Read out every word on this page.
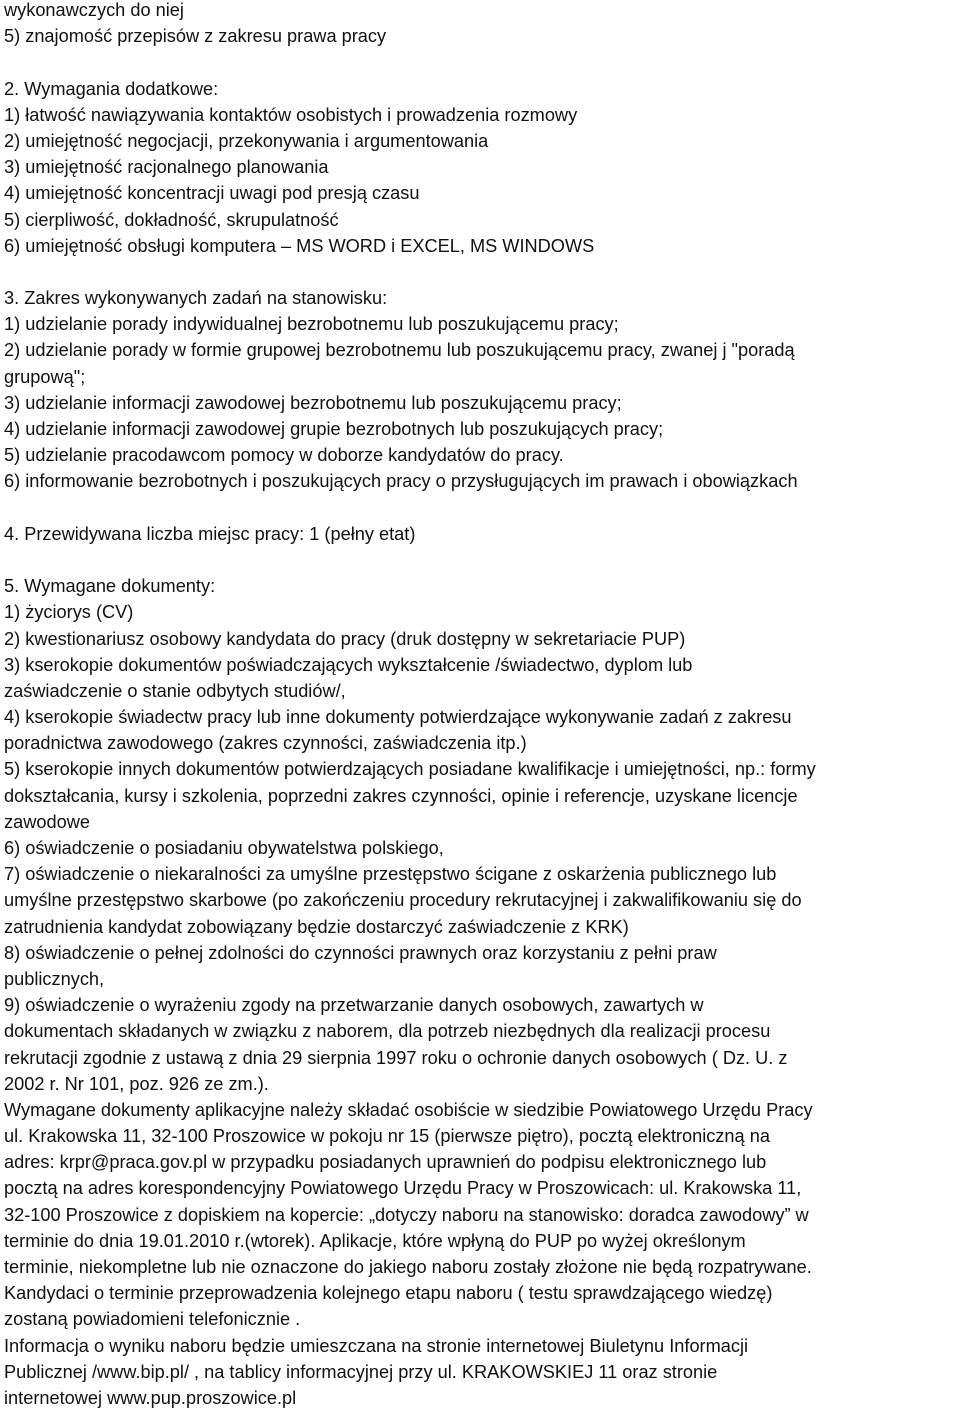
wykonawczych do niej
5) znajomość przepisów z zakresu prawa pracy
2. Wymagania dodatkowe:
1) łatwość nawiązywania kontaktów osobistych i prowadzenia rozmowy
2) umiejętność negocjacji, przekonywania i argumentowania
3) umiejętność racjonalnego planowania
4) umiejętność koncentracji uwagi pod presją czasu
5) cierpliwość, dokładność, skrupulatność
6) umiejętność obsługi komputera – MS WORD i EXCEL, MS WINDOWS
3. Zakres wykonywanych zadań na stanowisku:
1) udzielanie porady indywidualnej bezrobotnemu lub poszukującemu pracy;
2) udzielanie porady w formie grupowej bezrobotnemu lub poszukującemu pracy, zwanej j "poradą
grupową";
3) udzielanie informacji zawodowej bezrobotnemu lub poszukującemu pracy;
4) udzielanie informacji zawodowej grupie bezrobotnych lub poszukujących pracy;
5) udzielanie pracodawcom pomocy w doborze kandydatów do pracy.
6) informowanie bezrobotnych i poszukujących pracy o przysługujących im prawach i obowiązkach
4. Przewidywana liczba miejsc pracy: 1 (pełny etat)
5. Wymagane dokumenty:
1) życiorys (CV)
2) kwestionariusz osobowy kandydata do pracy (druk dostępny w sekretariacie PUP)
3) kserokopie dokumentów poświadczających wykształcenie /świadectwo, dyplom lub
zaświadczenie o stanie odbytych studiów/,
4) kserokopie świadectw pracy lub inne dokumenty potwierdzające wykonywanie zadań z zakresu
poradnictwa zawodowego (zakres czynności, zaświadczenia itp.)
5) kserokopie innych dokumentów potwierdzających posiadane kwalifikacje i umiejętności, np.: formy
dokształcania, kursy i szkolenia, poprzedni zakres czynności, opinie i referencje, uzyskane licencje
zawodowe
6) oświadczenie o posiadaniu obywatelstwa polskiego,
7) oświadczenie o niekaralności za umyślne przestępstwo ścigane z oskarżenia publicznego lub
umyślne przestępstwo skarbowe (po zakończeniu procedury rekrutacyjnej i zakwalifikowaniu się do
zatrudnienia kandydat zobowiązany będzie dostarczyć zaświadczenie z KRK)
8) oświadczenie o pełnej zdolności do czynności prawnych oraz korzystaniu z pełni praw
publicznych,
9) oświadczenie o wyrażeniu zgody na przetwarzanie danych osobowych, zawartych w
dokumentach składanych w związku z naborem, dla potrzeb niezbędnych dla realizacji procesu
rekrutacji zgodnie z ustawą z dnia 29 sierpnia 1997 roku o ochronie danych osobowych ( Dz. U. z
2002 r. Nr 101, poz. 926 ze zm.).
Wymagane dokumenty aplikacyjne należy składać osobiście w siedzibie Powiatowego Urzędu Pracy
ul. Krakowska 11, 32-100 Proszowice w pokoju nr 15 (pierwsze piętro), pocztą elektroniczną na
adres: krpr@praca.gov.pl w przypadku posiadanych uprawnień do podpisu elektronicznego lub
pocztą na adres korespondencyjny Powiatowego Urzędu Pracy w Proszowicach: ul. Krakowska 11,
32-100 Proszowice z dopiskiem na kopercie: „dotyczy naboru na stanowisko: doradca zawodowy” w
terminie do dnia 19.01.2010 r.(wtorek). Aplikacje, które wpłyną do PUP po wyżej określonym
terminie, niekompletne lub nie oznaczone do jakiego naboru zostały złożone nie będą rozpatrywane.
Kandydaci o terminie przeprowadzenia kolejnego etapu naboru ( testu sprawdzającego wiedzę)
zostaną powiadomieni telefonicznie .
Informacja o wyniku naboru będzie umieszczana na stronie internetowej Biuletynu Informacji
Publicznej /www.bip.pl/ , na tablicy informacyjnej przy ul. KRAKOWSKIEJ 11 oraz stronie
internetowej www.pup.proszowice.pl
